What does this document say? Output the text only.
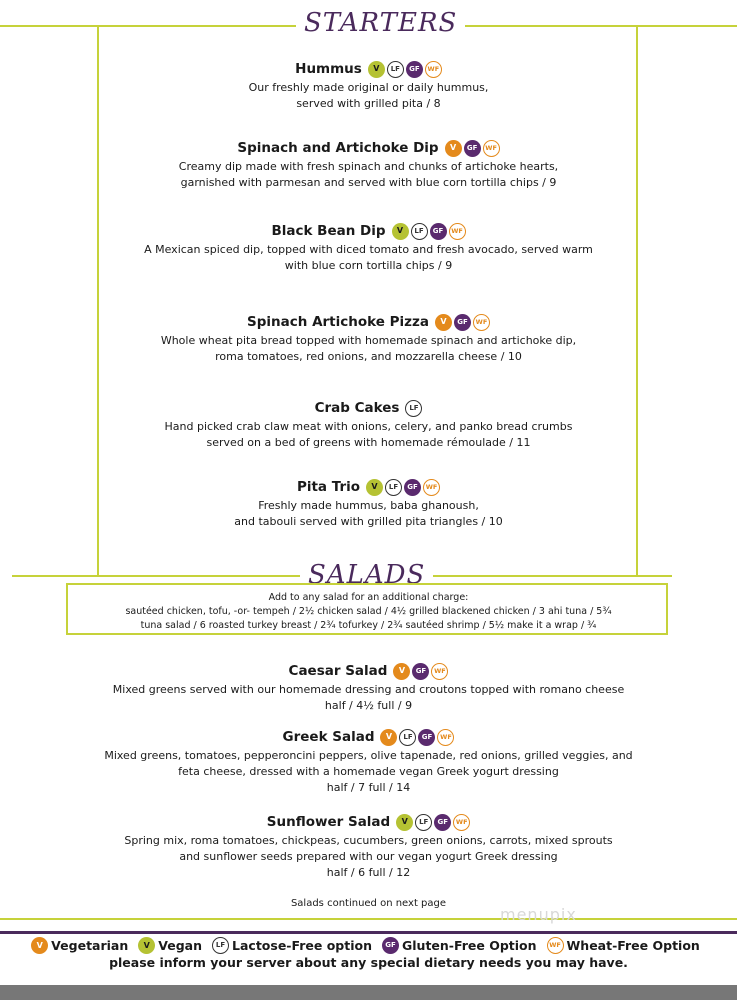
STARTERS
Hummus	V	LF	GF	WF
Our freshly made original or daily hummus,
served with grilled pita / 8
Spinach and Artichoke Dip	V	GF	WF
Creamy dip made with fresh spinach and chunks of artichoke hearts,
garnished with parmesan and served with blue corn tortilla chips / 9
Black Bean Dip	V	LF	GF	WF
A Mexican spiced dip, topped with diced tomato and fresh avocado, served warm
with blue corn tortilla chips / 9
Spinach Artichoke Pizza	V	GF	WF
Whole wheat pita bread topped with homemade spinach and artichoke dip,
roma tomatoes, red onions, and mozzarella cheese / 10
Crab Cakes	LF
Hand picked crab claw meat with onions, celery, and panko bread crumbs
served on a bed of greens with homemade rémoulade / 11
Pita Trio	V	LF	GF	WF
Freshly made hummus, baba ghanoush,
and tabouli served with grilled pita triangles / 10
SALADS
Add to any salad for an additional charge:
sautéed chicken, tofu, -or- tempeh / 2½ chicken salad / 4½ grilled blackened chicken / 3 ahi tuna / 5¾
tuna salad / 6 roasted turkey breast / 2¾ tofurkey / 2¾ sautéed shrimp / 5½ make it a wrap / ¾
Caesar Salad	V	GF	WF
Mixed greens served with our homemade dressing and croutons topped with romano cheese
half / 4½ full / 9
Greek Salad	V	LF	GF	WF
Mixed greens, tomatoes, pepperoncini peppers, olive tapenade, red onions, grilled veggies, and
feta cheese, dressed with a homemade vegan Greek yogurt dressing
half / 7 full / 14
Sunflower Salad	V	LF	GF	WF
Spring mix, roma tomatoes, chickpeas, cucumbers, green onions, carrots, mixed sprouts
and sunflower seeds prepared with our vegan yogurt Greek dressing
half / 6 full / 12
Salads continued on next page
menupix
V Vegetarian	V Vegan	LF Lactose-Free option	GF Gluten-Free Option	WF Wheat-Free Option
please inform your server about any special dietary needs you may have.
